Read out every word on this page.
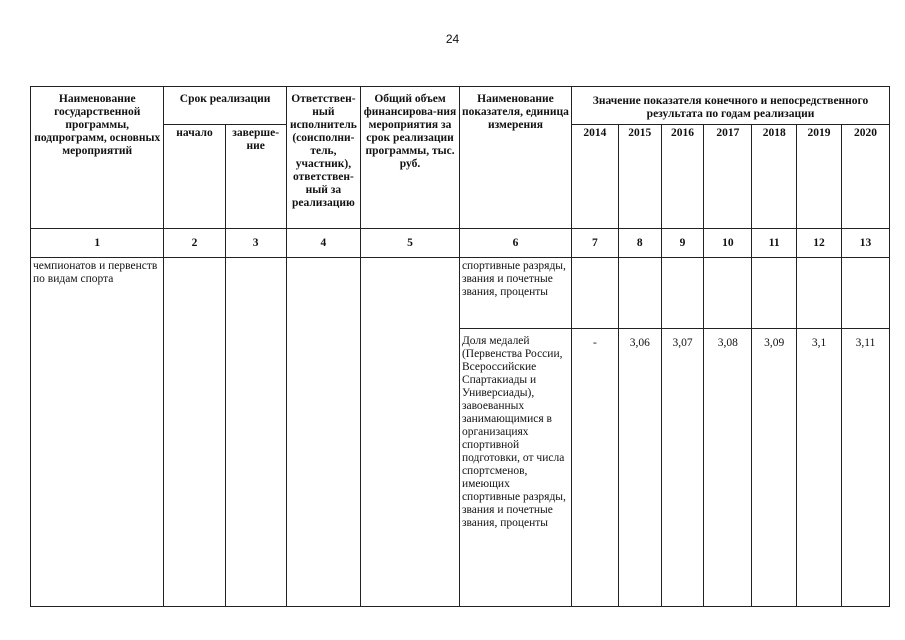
24
Наименование государственной программы, подпрограмм, основных мероприятий	Срок реализации		Ответствен-ный исполнитель (соисполни-тель, участник), ответствен-ный за реализацию	Общий объем финансирова-ния мероприятия за срок реализации программы, тыс. руб.	Наименование показателя, единица измерения	Значение показателя конечного и непосредственного результата по годам реализации						
	начало	заверше-ние				2014	2015	2016	2017	2018	2019	2020
1	2	3	4	5	6	7	8	9	10	11	12	13
чемпионатов и первенств по видам спорта					спортивные разряды, звания и почетные звания, проценты							
					Доля медалей (Первенства России, Всероссийские Спартакиады и Универсиады), завоеванных занимающимися в организациях спортивной подготовки, от числа спортсменов, имеющих спортивные разряды, звания и почетные звания, проценты	-	3,06	3,07	3,08	3,09	3,1	3,11
